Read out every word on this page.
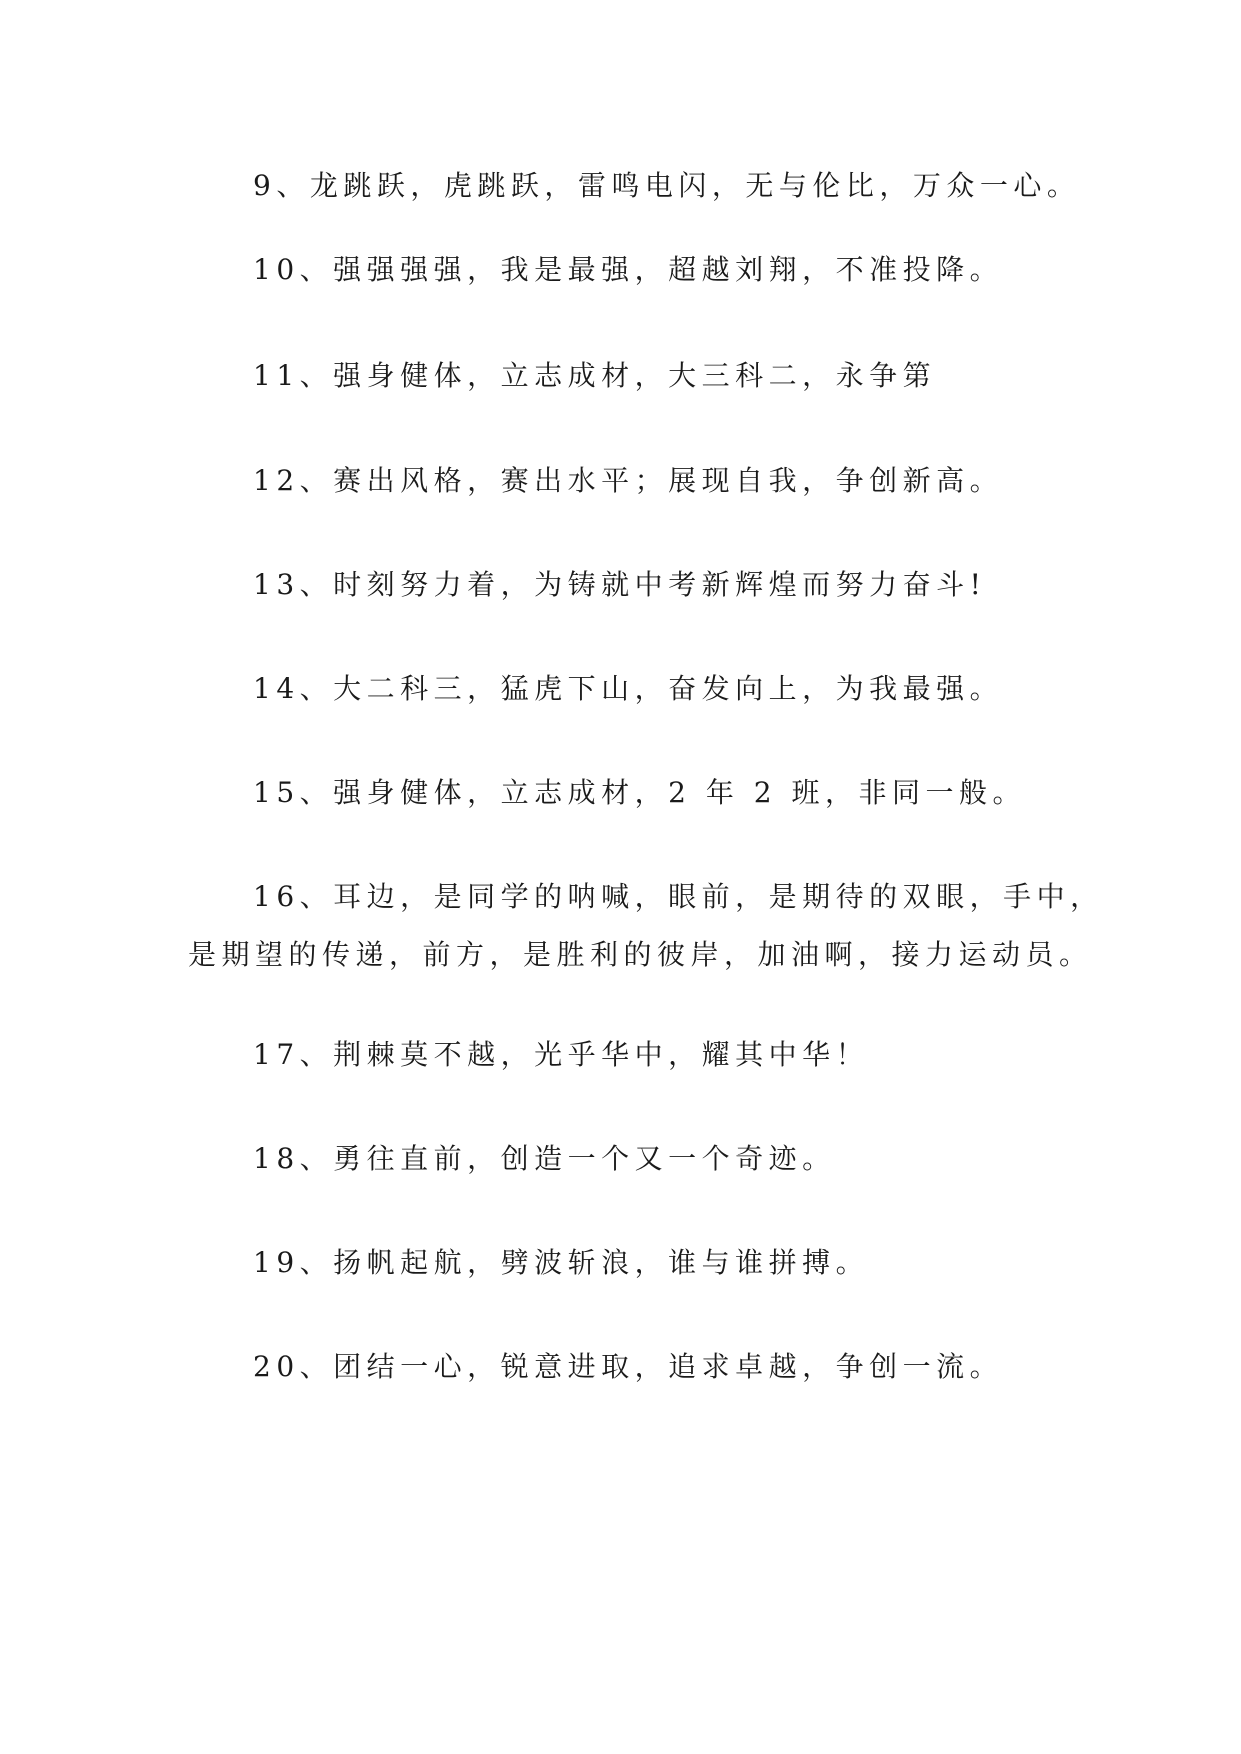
9、龙跳跃，虎跳跃，雷鸣电闪，无与伦比，万众一心。
10、强强强强，我是最强，超越刘翔，不准投降。
11、强身健体，立志成材，大三科二，永争第
12、赛出风格，赛出水平；展现自我，争创新高。
13、时刻努力着，为铸就中考新辉煌而努力奋斗!
14、大二科三，猛虎下山，奋发向上，为我最强。
15、强身健体，立志成材，2 年 2 班，非同一般。
16、耳边，是同学的呐喊，眼前，是期待的双眼，手中，
是期望的传递，前方，是胜利的彼岸，加油啊，接力运动员。
17、荆棘莫不越，光乎华中，耀其中华！
18、勇往直前，创造一个又一个奇迹。
19、扬帆起航，劈波斩浪，谁与谁拼搏。
20、团结一心，锐意进取，追求卓越，争创一流。
